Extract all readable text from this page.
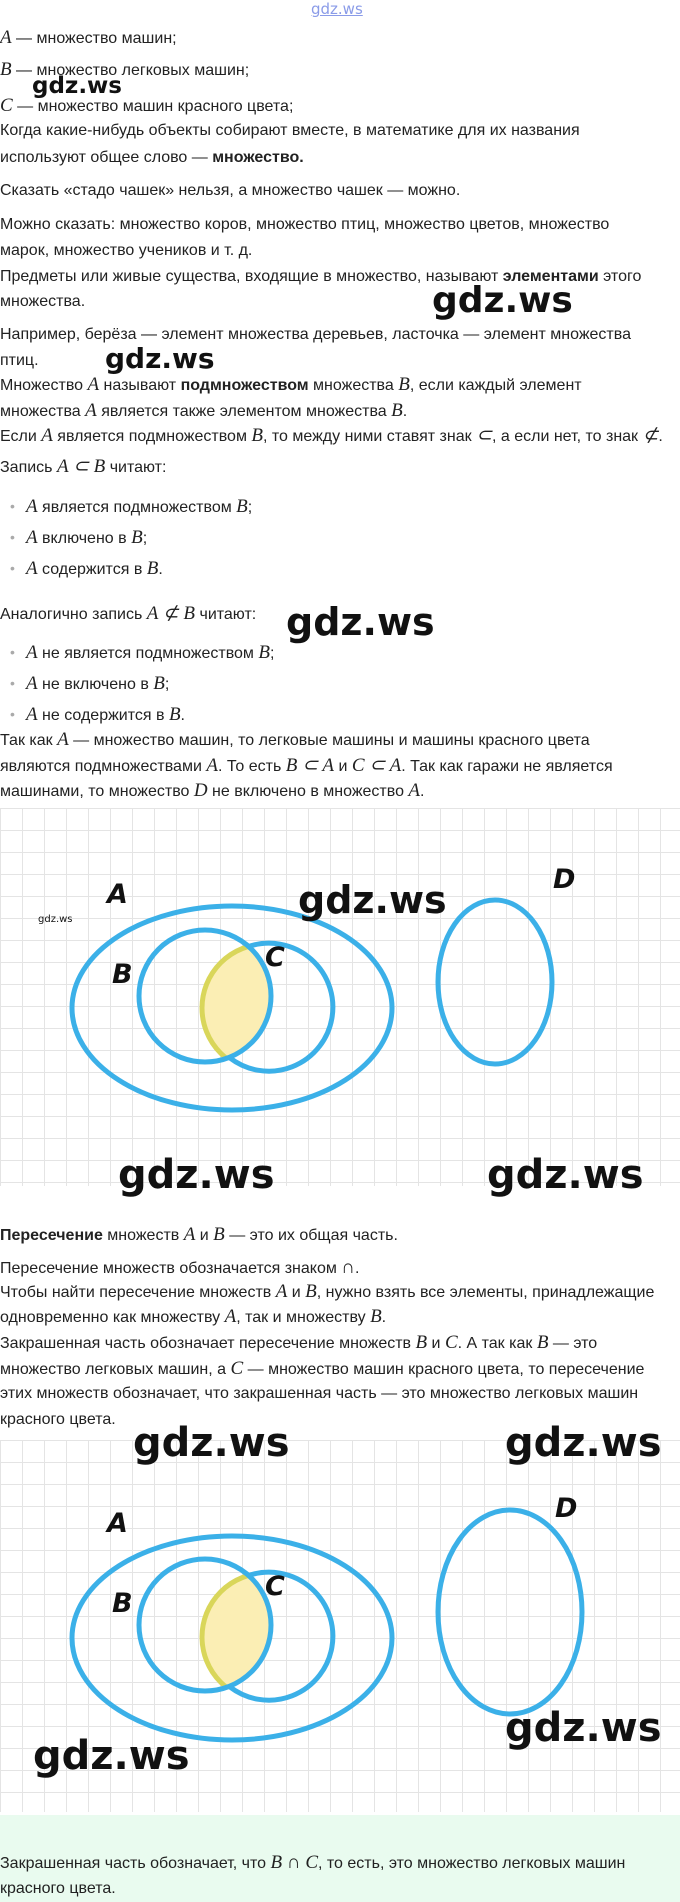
gdz.ws

A — множество машин;

B — множество легковых машин;

C — множество машин красного цвета;

Когда какие-нибудь объекты собирают вместе, в математике для их названия

используют общее слово — множество.

Сказать «стадо чашек» нельзя, а множество чашек — можно.

Можно сказать: множество коров, множество птиц, множество цветов, множество

марок, множество учеников и т. д.

Предметы или живые существа, входящие в множество, называют элементами этого

множества.

Например, берёза — элемент множества деревьев, ласточка — элемент множества

птиц.

Множество A называют подмножеством множества B, если каждый элемент

множества A является также элементом множества B.

Если A является подмножеством B, то между ними ставят знак ⊂, а если нет, то знак ⊄.

Запись A ⊂ B читают:

• A является подмножеством B;
• A включено в B;
• A содержится в B.

Аналогично запись A ⊄ B читают:

• A не является подмножеством B;
• A не включено в B;
• A не содержится в B.

Так как A — множество машин, то легковые машины и машины красного цвета

являются подмножествами A. То есть B ⊂ A и C ⊂ A. Так как гаражи не является

машинами, то множество D не включено в множество A.

A
B
C
D

Пересечение множеств A и B — это их общая часть.

Пересечение множеств обозначается знаком ∩.

Чтобы найти пересечение множеств A и B, нужно взять все элементы, принадлежащие

одновременно как множеству A, так и множеству B.

Закрашенная часть обозначает пересечение множеств B и C. А так как B — это

множество легковых машин, а C — множество машин красного цвета, то пересечение

этих множеств обозначает, что закрашенная часть — это множество легковых машин

красного цвета.

A
B
C
D

Закрашенная часть обозначает, что B ∩ C, то есть, это множество легковых машин

красного цвета.

gdz.ws
gdz.ws
gdz.ws
gdz.ws
gdz.ws
gdz.ws
gdz.ws	gdz.ws
gdz.ws	gdz.ws
gdz.ws
gdz.ws
